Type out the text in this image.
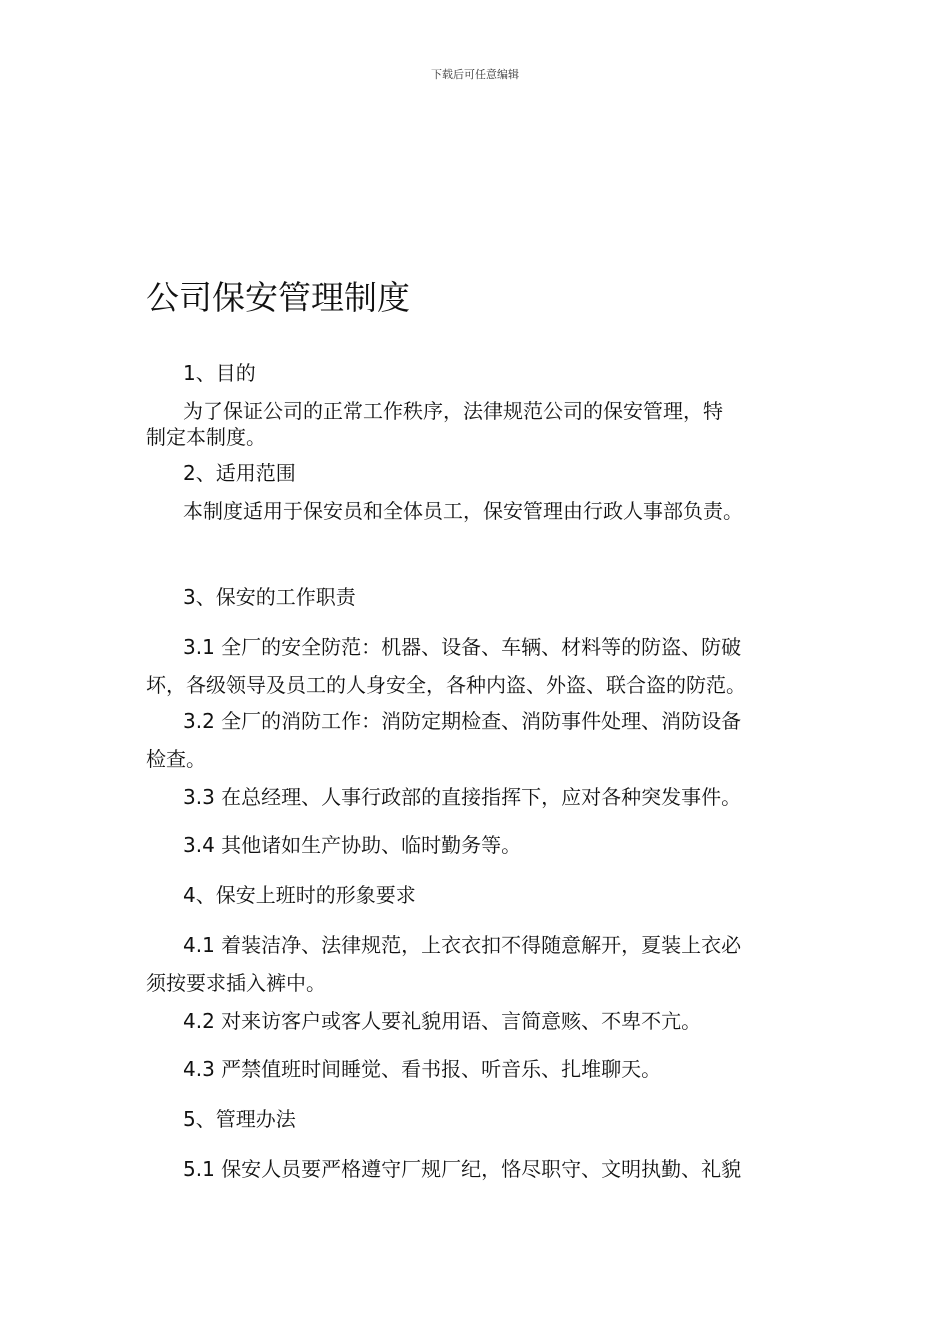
下载后可任意编辑
公司保安管理制度
1、目的
为了保证公司的正常工作秩序，法律规范公司的保安管理，特
制定本制度。
2、适用范围
本制度适用于保安员和全体员工，保安管理由行政人事部负责。
3、保安的工作职责
3.1 全厂的安全防范：机器、设备、车辆、材料等的防盗、防破
坏，各级领导及员工的人身安全，各种内盗、外盗、联合盗的防范。
3.2 全厂的消防工作：消防定期检查、消防事件处理、消防设备
检查。
3.3 在总经理、人事行政部的直接指挥下，应对各种突发事件。
3.4 其他诸如生产协助、临时勤务等。
4、保安上班时的形象要求
4.1 着装洁净、法律规范，上衣衣扣不得随意解开，夏装上衣必
须按要求插入裤中。
4.2 对来访客户或客人要礼貌用语、言简意赅、不卑不亢。
4.3 严禁值班时间睡觉、看书报、听音乐、扎堆聊天。
5、管理办法
5.1 保安人员要严格遵守厂规厂纪，恪尽职守、文明执勤、礼貌
